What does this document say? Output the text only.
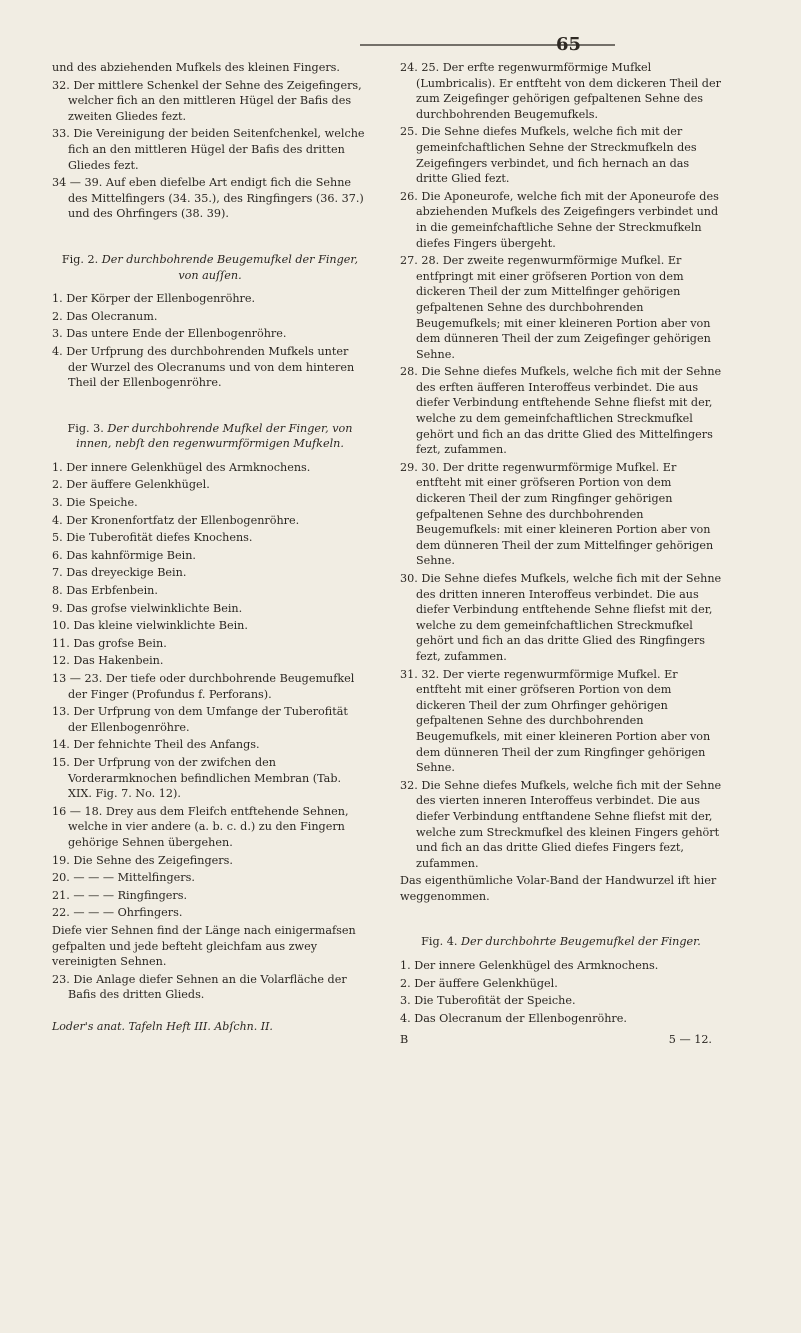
65
und des abziehenden Mufkels des kleinen Fingers.
32. Der mittlere Schenkel der Sehne des Zeigefingers, welcher fich an den mittleren Hügel der Bafis des zweiten Gliedes fezt.
33. Die Vereinigung der beiden Seitenfchenkel, welche fich an den mittleren Hügel der Bafis des dritten Gliedes fezt.
34 — 39. Auf eben diefelbe Art endigt fich die Sehne des Mittelfingers (34. 35.), des Ringfingers (36. 37.) und des Ohrfingers (38. 39).
Fig. 2. Der durchbohrende Beugemufkel der Finger, von auſſen.
1. Der Körper der Ellenbogenröhre.
2. Das Olecranum.
3. Das untere Ende der Ellenbogenröhre.
4. Der Urfprung des durchbohrenden Mufkels unter der Wurzel des Olecranums und von dem hinteren Theil der Ellenbogenröhre.
Fig. 3. Der durchbohrende Mufkel der Finger, von innen, nebſt den regenwurmförmigen Mufkeln.
1. Der innere Gelenkhügel des Armknochens.
2. Der äuffere Gelenkhügel.
3. Die Speiche.
4. Der Kronenfortfatz der Ellenbogenröhre.
5. Die Tuberofität diefes Knochens.
6. Das kahnförmige Bein.
7. Das dreyeckige Bein.
8. Das Erbfenbein.
9. Das grofse vielwinklichte Bein.
10. Das kleine vielwinklichte Bein.
11. Das grofse Bein.
12. Das Hakenbein.
13 — 23. Der tiefe oder durchbohrende Beugemufkel der Finger (Profundus f. Perforans).
13. Der Urfprung von dem Umfange der Tuberofität der Ellenbogenröhre.
14. Der fehnichte Theil des Anfangs.
15. Der Urfprung von der zwifchen den Vorderarmknochen befindlichen Membran (Tab. XIX. Fig. 7. No. 12).
16 — 18. Drey aus dem Fleifch entftehende Sehnen, welche in vier andere (a. b. c. d.) zu den Fingern gehörige Sehnen übergehen.
19. Die Sehne des Zeigefingers.
20. — — — Mittelfingers.
21. — — — Ringfingers.
22. — — — Ohrfingers.
Diefe vier Sehnen find der Länge nach einigermafsen gefpalten und jede befteht gleichfam aus zwey vereinigten Sehnen.
23. Die Anlage diefer Sehnen an die Volarfläche der Bafis des dritten Glieds.
Loder's anat. Tafeln Heft III. Abſchn. II.
24. 25. Der erfte regenwurmförmige Mufkel (Lumbricalis). Er entfteht von dem dickeren Theil der zum Zeigefinger gehörigen gefpaltenen Sehne des durchbohrenden Beugemufkels.
25. Die Sehne diefes Mufkels, welche fich mit der gemeinfchaftlichen Sehne der Streckmufkeln des Zeigefingers verbindet, und fich hernach an das dritte Glied fezt.
26. Die Aponeurofe, welche fich mit der Aponeurofe des abziehenden Mufkels des Zeigefingers verbindet und in die gemeinfchaftliche Sehne der Streckmufkeln diefes Fingers übergeht.
27. 28. Der zweite regenwurmförmige Mufkel. Er entfpringt mit einer gröfseren Portion von dem dickeren Theil der zum Mittelfinger gehörigen gefpaltenen Sehne des durchbohrenden Beugemufkels; mit einer kleineren Portion aber von dem dünneren Theil der zum Zeigefinger gehörigen Sehne.
28. Die Sehne diefes Mufkels, welche fich mit der Sehne des erften äufferen Interoffeus verbindet. Die aus diefer Verbindung entftehende Sehne fliefst mit der, welche zu dem gemeinfchaftlichen Streckmufkel gehört und fich an das dritte Glied des Mittelfingers fezt, zufammen.
29. 30. Der dritte regenwurmförmige Mufkel. Er entfteht mit einer gröfseren Portion von dem dickeren Theil der zum Ringfinger gehörigen gefpaltenen Sehne des durchbohrenden Beugemufkels: mit einer kleineren Portion aber von dem dünneren Theil der zum Mittelfinger gehörigen Sehne.
30. Die Sehne diefes Mufkels, welche fich mit der Sehne des dritten inneren Interoffeus verbindet. Die aus diefer Verbindung entftehende Sehne fliefst mit der, welche zu dem gemeinfchaftlichen Streckmufkel gehört und fich an das dritte Glied des Ringfingers fezt, zufammen.
31. 32. Der vierte regenwurmförmige Mufkel. Er entfteht mit einer gröfseren Portion von dem dickeren Theil der zum Ohrfinger gehörigen gefpaltenen Sehne des durchbohrenden Beugemufkels, mit einer kleineren Portion aber von dem dünneren Theil der zum Ringfinger gehörigen Sehne.
32. Die Sehne diefes Mufkels, welche fich mit der Sehne des vierten inneren Interoffeus verbindet. Die aus diefer Verbindung entftandene Sehne fliefst mit der, welche zum Streckmufkel des kleinen Fingers gehört und fich an das dritte Glied diefes Fingers fezt, zufammen.
Das eigenthümliche Volar-Band der Handwurzel ift hier weggenommen.
Fig. 4. Der durchbohrte Beugemufkel der Finger.
1. Der innere Gelenkhügel des Armknochens.
2. Der äuffere Gelenkhügel.
3. Die Tuberofität der Speiche.
4. Das Olecranum der Ellenbogenröhre.
B	5 — 12.
